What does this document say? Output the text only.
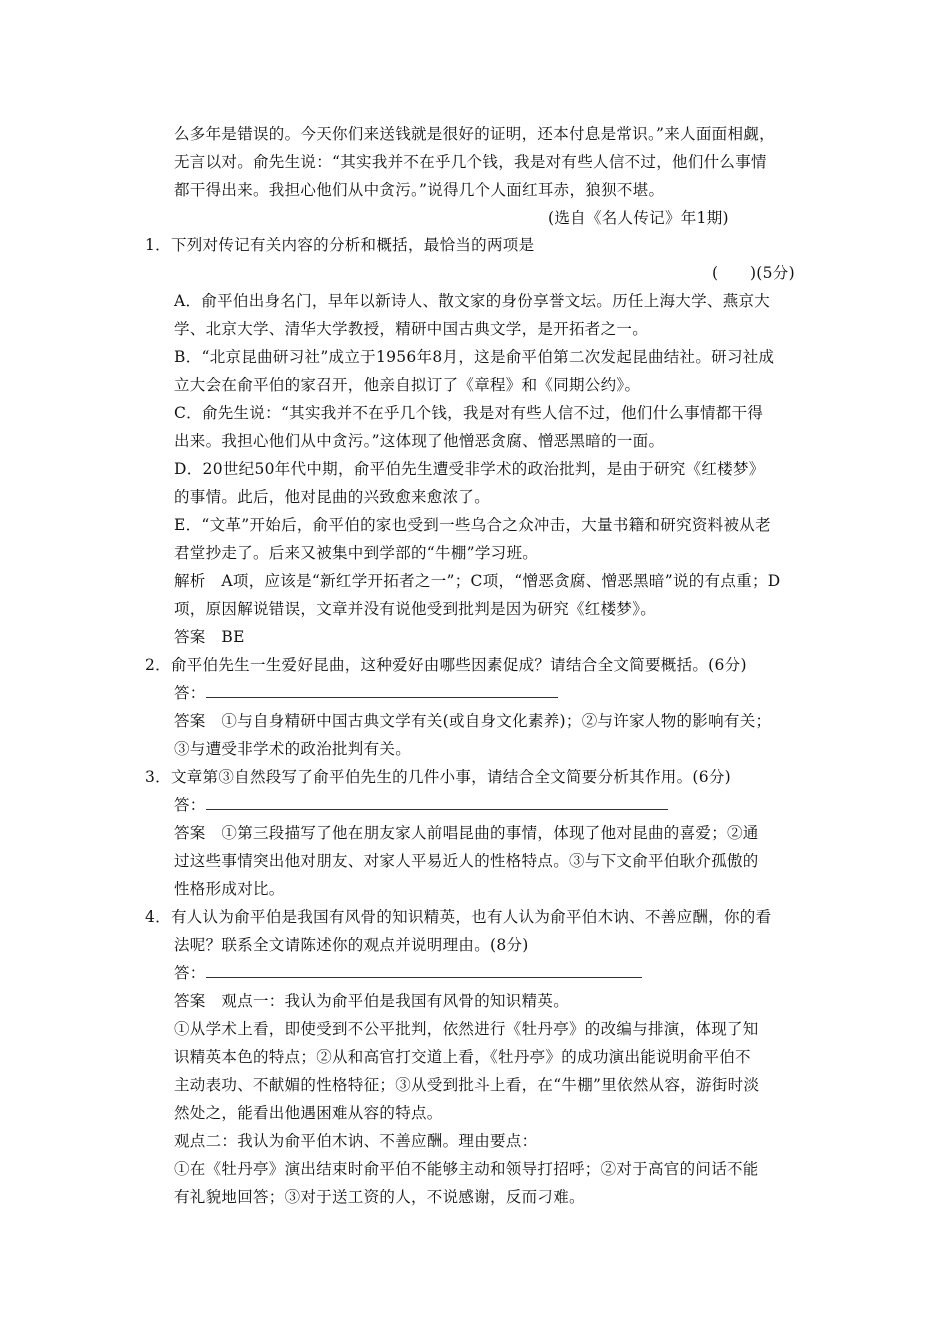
么多年是错误的。今天你们来送钱就是很好的证明，还本付息是常识。”来人面面相觑，
无言以对。俞先生说：“其实我并不在乎几个钱，我是对有些人信不过，他们什么事情
都干得出来。我担心他们从中贪污。”说得几个人面红耳赤，狼狈不堪。
(选自《名人传记》年1期)
1．下列对传记有关内容的分析和概括，最恰当的两项是
(　　)(5分)
A．俞平伯出身名门，早年以新诗人、散文家的身份享誉文坛。历任上海大学、燕京大
学、北京大学、清华大学教授，精研中国古典文学，是开拓者之一。
B．“北京昆曲研习社”成立于1956年8月，这是俞平伯第二次发起昆曲结社。研习社成
立大会在俞平伯的家召开，他亲自拟订了《章程》和《同期公约》。
C．俞先生说：“其实我并不在乎几个钱，我是对有些人信不过，他们什么事情都干得
出来。我担心他们从中贪污。”这体现了他憎恶贪腐、憎恶黑暗的一面。
D．20世纪50年代中期，俞平伯先生遭受非学术的政治批判，是由于研究《红楼梦》
的事情。此后，他对昆曲的兴致愈来愈浓了。
E．“文革”开始后，俞平伯的家也受到一些乌合之众冲击，大量书籍和研究资料被从老
君堂抄走了。后来又被集中到学部的“牛棚”学习班。
解析　A项，应该是“新红学开拓者之一”；C项，“憎恶贪腐、憎恶黑暗”说的有点重；D
项，原因解说错误，文章并没有说他受到批判是因为研究《红楼梦》。
答案　BE
2．俞平伯先生一生爱好昆曲，这种爱好由哪些因素促成？请结合全文简要概括。(6分)
答：
答案　①与自身精研中国古典文学有关(或自身文化素养)；②与许家人物的影响有关；
③与遭受非学术的政治批判有关。
3．文章第③自然段写了俞平伯先生的几件小事，请结合全文简要分析其作用。(6分)
答：
答案　①第三段描写了他在朋友家人前唱昆曲的事情，体现了他对昆曲的喜爱；②通
过这些事情突出他对朋友、对家人平易近人的性格特点。③与下文俞平伯耿介孤傲的
性格形成对比。
4．有人认为俞平伯是我国有风骨的知识精英，也有人认为俞平伯木讷、不善应酬，你的看
法呢？联系全文请陈述你的观点并说明理由。(8分)
答：
答案　观点一：我认为俞平伯是我国有风骨的知识精英。
①从学术上看，即使受到不公平批判，依然进行《牡丹亭》的改编与排演，体现了知
识精英本色的特点；②从和高官打交道上看，《牡丹亭》的成功演出能说明俞平伯不
主动表功、不献媚的性格特征；③从受到批斗上看，在“牛棚”里依然从容，游街时淡
然处之，能看出他遇困难从容的特点。
观点二：我认为俞平伯木讷、不善应酬。理由要点：
①在《牡丹亭》演出结束时俞平伯不能够主动和领导打招呼；②对于高官的问话不能
有礼貌地回答；③对于送工资的人，不说感谢，反而刁难。
